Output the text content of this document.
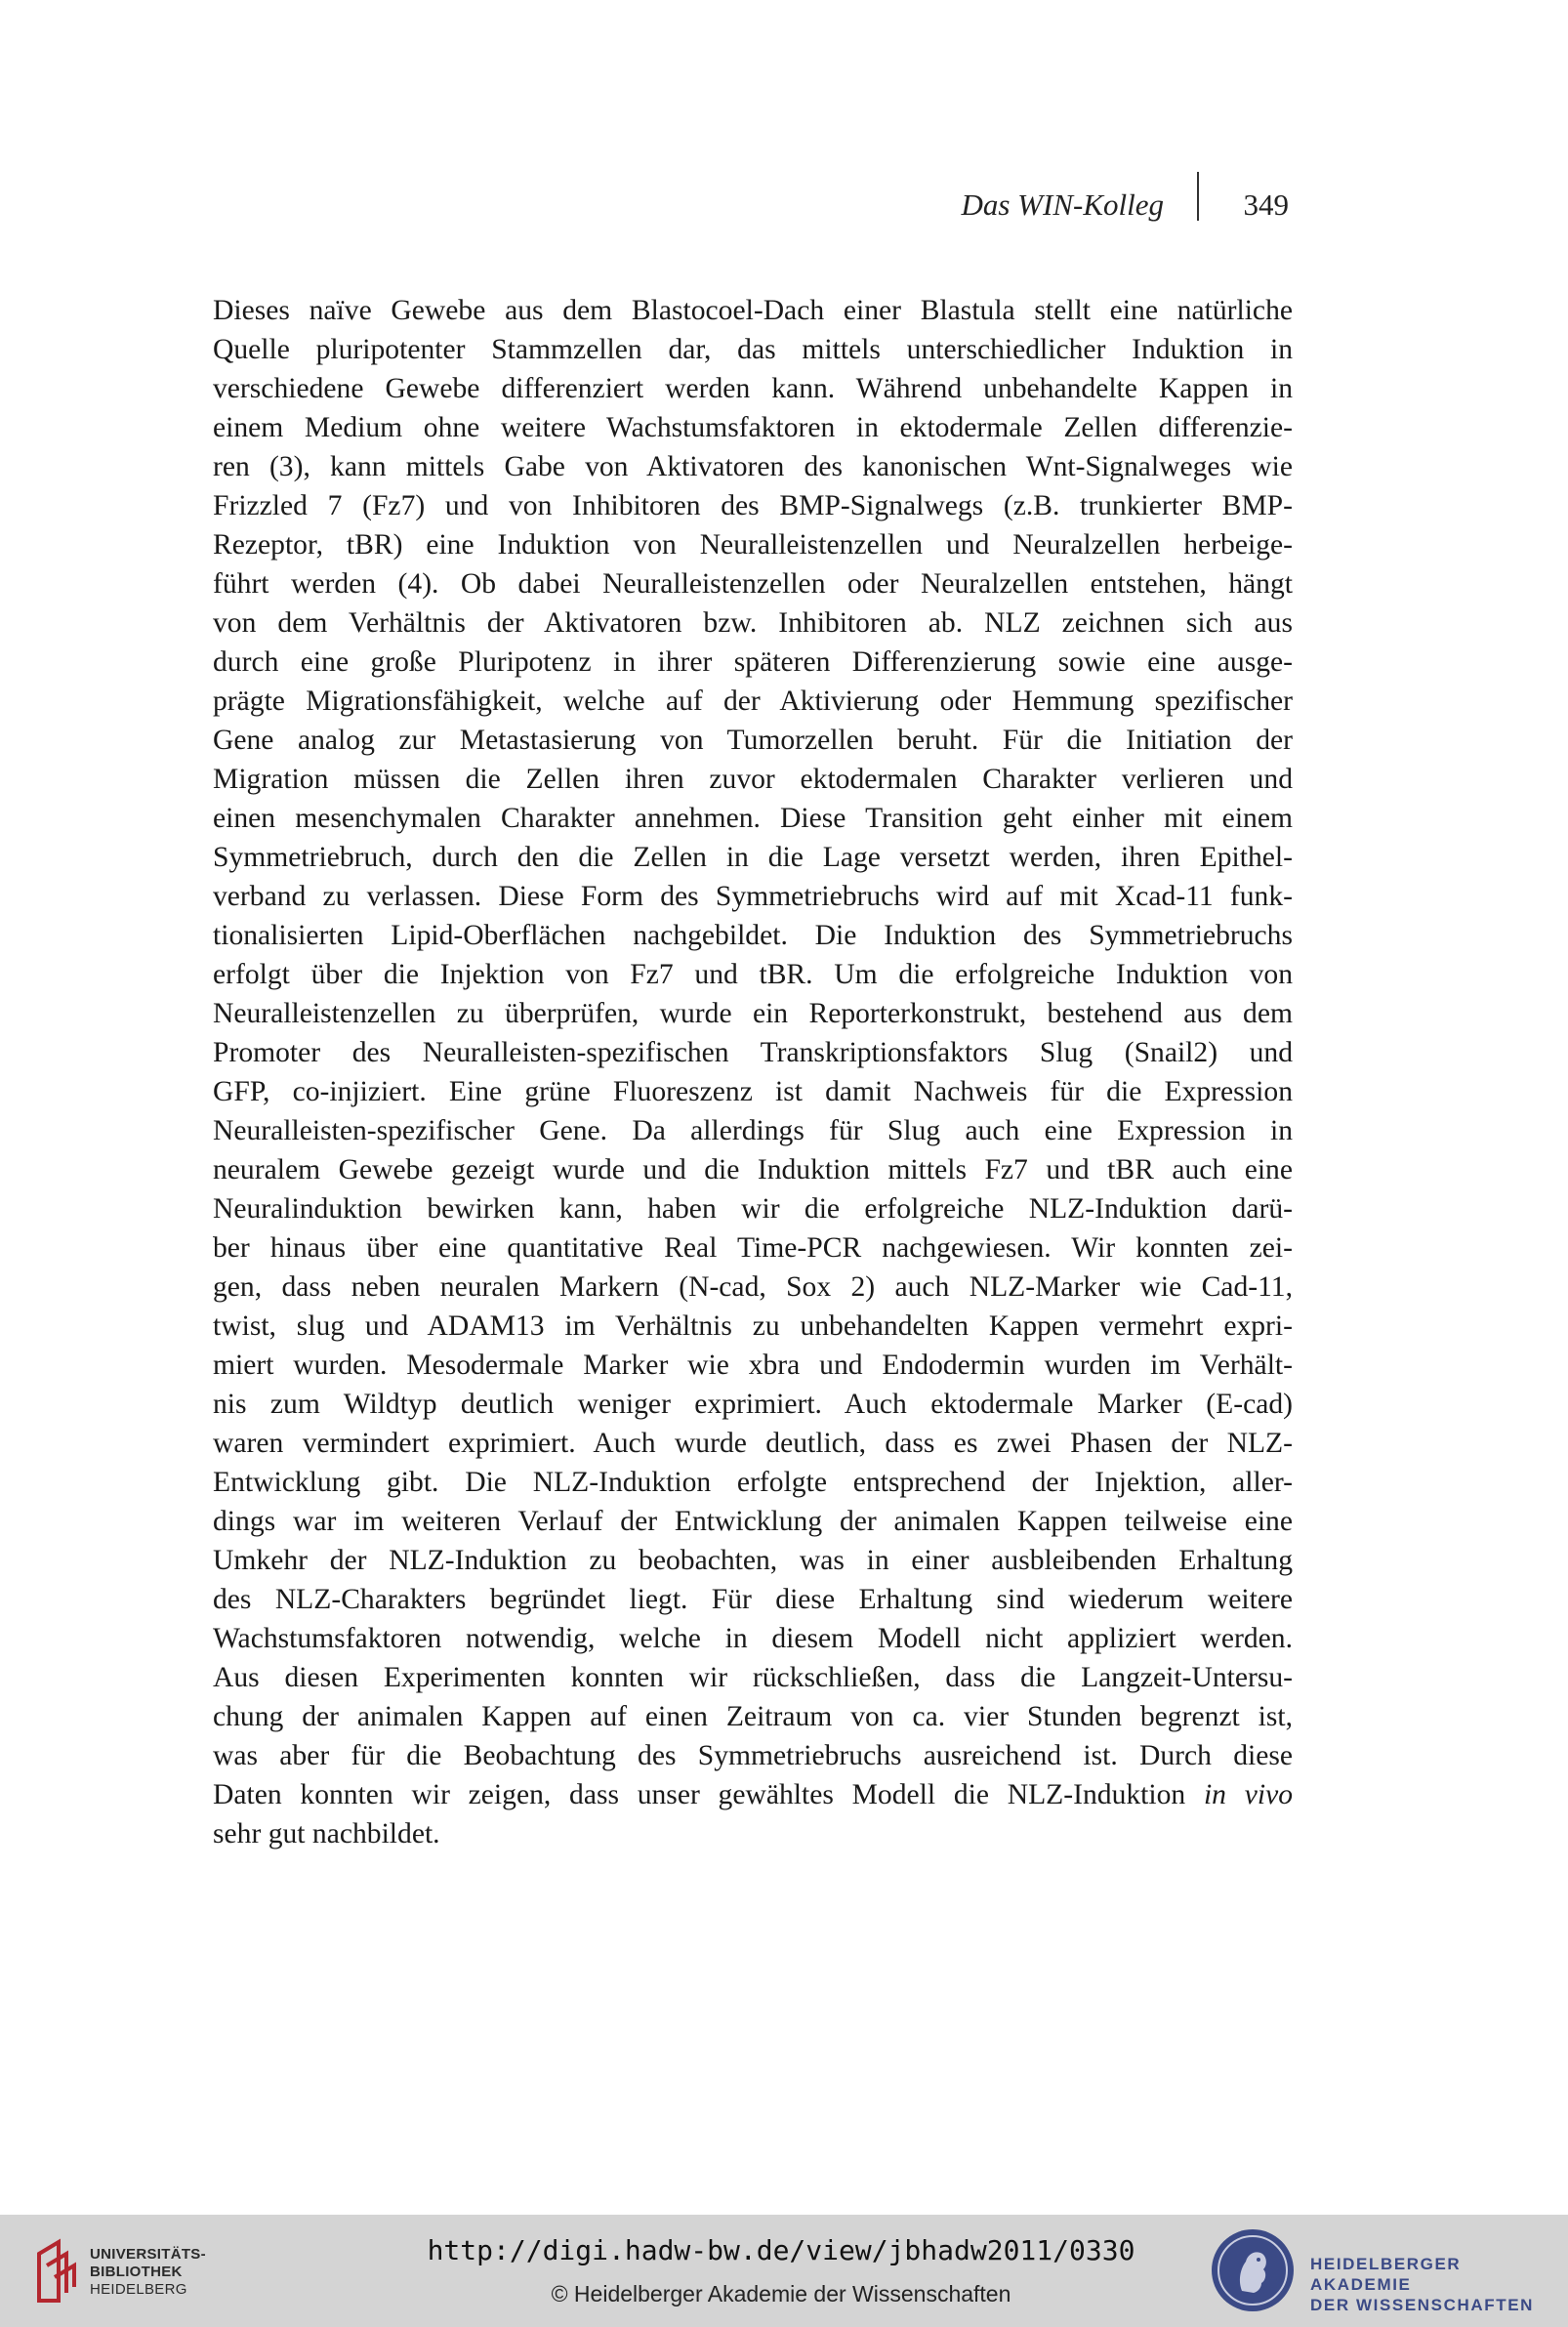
Das WIN-Kolleg	349
Dieses naïve Gewebe aus dem Blastocoel-Dach einer Blastula stellt eine natürliche
Quelle pluripotenter Stammzellen dar, das mittels unterschiedlicher Induktion in
verschiedene Gewebe differenziert werden kann. Während unbehandelte Kappen in
einem Medium ohne weitere Wachstumsfaktoren in ektodermale Zellen differenzie-
ren (3), kann mittels Gabe von Aktivatoren des kanonischen Wnt-Signalweges wie
Frizzled 7 (Fz7) und von Inhibitoren des BMP-Signalwegs (z.B. trunkierter BMP-
Rezeptor, tBR) eine Induktion von Neuralleistenzellen und Neuralzellen herbeige-
führt werden (4). Ob dabei Neuralleistenzellen oder Neuralzellen entstehen, hängt
von dem Verhältnis der Aktivatoren bzw. Inhibitoren ab. NLZ zeichnen sich aus
durch eine große Pluripotenz in ihrer späteren Differenzierung sowie eine ausge-
prägte Migrationsfähigkeit, welche auf der Aktivierung oder Hemmung spezifischer
Gene analog zur Metastasierung von Tumorzellen beruht. Für die Initiation der
Migration müssen die Zellen ihren zuvor ektodermalen Charakter verlieren und
einen mesenchymalen Charakter annehmen. Diese Transition geht einher mit einem
Symmetriebruch, durch den die Zellen in die Lage versetzt werden, ihren Epithel-
verband zu verlassen. Diese Form des Symmetriebruchs wird auf mit Xcad-11 funk-
tionalisierten Lipid-Oberflächen nachgebildet. Die Induktion des Symmetriebruchs
erfolgt über die Injektion von Fz7 und tBR. Um die erfolgreiche Induktion von
Neuralleistenzellen zu überprüfen, wurde ein Reporterkonstrukt, bestehend aus dem
Promoter des Neuralleisten-spezifischen Transkriptionsfaktors Slug (Snail2) und
GFP, co-injiziert. Eine grüne Fluoreszenz ist damit Nachweis für die Expression
Neuralleisten-spezifischer Gene. Da allerdings für Slug auch eine Expression in
neuralem Gewebe gezeigt wurde und die Induktion mittels Fz7 und tBR auch eine
Neuralinduktion bewirken kann, haben wir die erfolgreiche NLZ-Induktion darü-
ber hinaus über eine quantitative Real Time-PCR nachgewiesen. Wir konnten zei-
gen, dass neben neuralen Markern (N-cad, Sox 2) auch NLZ-Marker wie Cad-11,
twist, slug und ADAM13 im Verhältnis zu unbehandelten Kappen vermehrt expri-
miert wurden. Mesodermale Marker wie xbra und Endodermin wurden im Verhält-
nis zum Wildtyp deutlich weniger exprimiert. Auch ektodermale Marker (E-cad)
waren vermindert exprimiert. Auch wurde deutlich, dass es zwei Phasen der NLZ-
Entwicklung gibt. Die NLZ-Induktion erfolgte entsprechend der Injektion, aller-
dings war im weiteren Verlauf der Entwicklung der animalen Kappen teilweise eine
Umkehr der NLZ-Induktion zu beobachten, was in einer ausbleibenden Erhaltung
des NLZ-Charakters begründet liegt. Für diese Erhaltung sind wiederum weitere
Wachstumsfaktoren notwendig, welche in diesem Modell nicht appliziert werden.
Aus diesen Experimenten konnten wir rückschließen, dass die Langzeit-Untersu-
chung der animalen Kappen auf einen Zeitraum von ca. vier Stunden begrenzt ist,
was aber für die Beobachtung des Symmetriebruchs ausreichend ist. Durch diese
Daten konnten wir zeigen, dass unser gewähltes Modell die NLZ-Induktion in vivo
sehr gut nachbildet.
UNIVERSITÄTS-
BIBLIOTHEK
HEIDELBERG
http://digi.hadw-bw.de/view/jbhadw2011/0330
© Heidelberger Akademie der Wissenschaften
HEIDELBERGER AKADEMIE
DER WISSENSCHAFTEN
